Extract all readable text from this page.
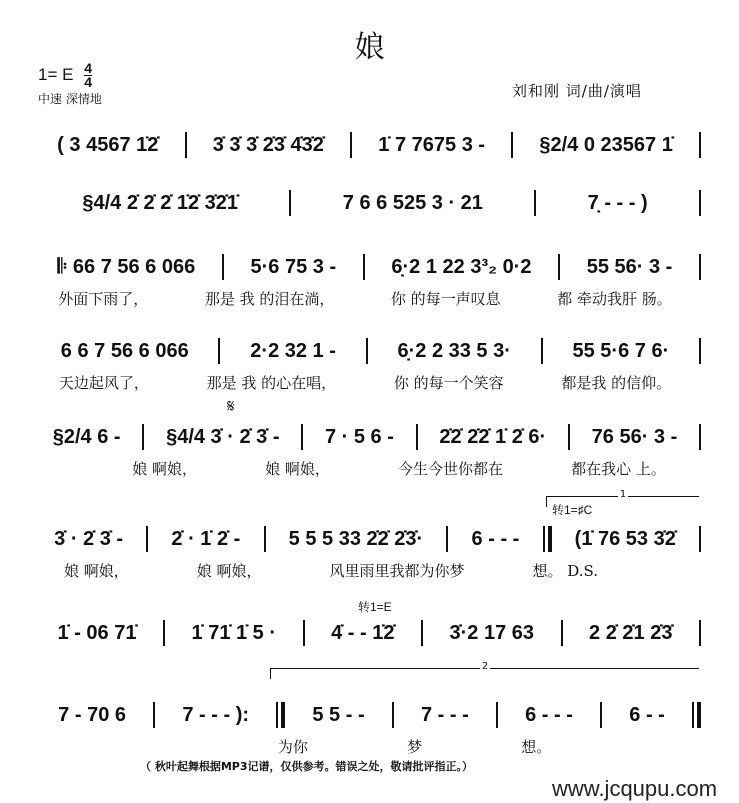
娘
1= E $\frac{4}{4}$
中速 深情地	刘和刚 词/曲/演唱
( 3 4567 1̇2̇	3̇ 3̇ 3̇ 2̇3̇ 4̇3̇2̇	1̇ 7 7675 3 -	§2/4 0 23567 1̇
§4/4 2̇ 2̇ 2̇ 1̇2̇ 3̇2̇1̇	7 6 6 525 3 · 21	7̣ - - - )
𝄆 66 7 56 6 066	5·6 75 3 -	6̣·2 1 22 3³₂ 0·2	55 56· 3 -
外面下雨了，	那是 我 的泪在淌，	你 的每一声叹息	都 牵动我肝 肠。
6 6 7 56 6 066	2·2 32 1 -	6̣·2 2 33 5 3·	55 5·6 7 6·
天边起风了，	那是 我 的心在唱，	你 的每一个笑容	都是我 的信仰。
§2/4 6 -	§4/4 3̇ · 2̇ 3̇ -	7 · 5 6 -	2̇2̇ 2̇2̇ 1̇ 2̇ 6·	76 56· 3 -
娘 啊娘，	娘 啊娘，	今生今世你都在	都在我心 上。
3̇ · 2̇ 3̇ -	2̇ · 1̇ 2̇ -	5 5 5 33 2̇2̇ 2̇3̇·	6 - - -	(1̇ 76 53 3̇2̇
娘 啊娘，	娘 啊娘，	风里雨里我都为你梦	想。 D.S.
1̇ - 06 71̇	1̇ 71̇ 1̇ 5 ·	4̇ - - 1̇2̇	3̇·2 17 63	2 2̇ 2̇1 2̇3̇
7 - 70 6	7 - - - ):	5 5 - -	7 - - -	6 - - -	6 - -
为你	梦	想。
𝄋
1
转1=♯C
转1=E
2
（ 秋叶起舞根据MP3记谱，仅供参考。错误之处，敬请批评指正。）
www.jcqupu.com
